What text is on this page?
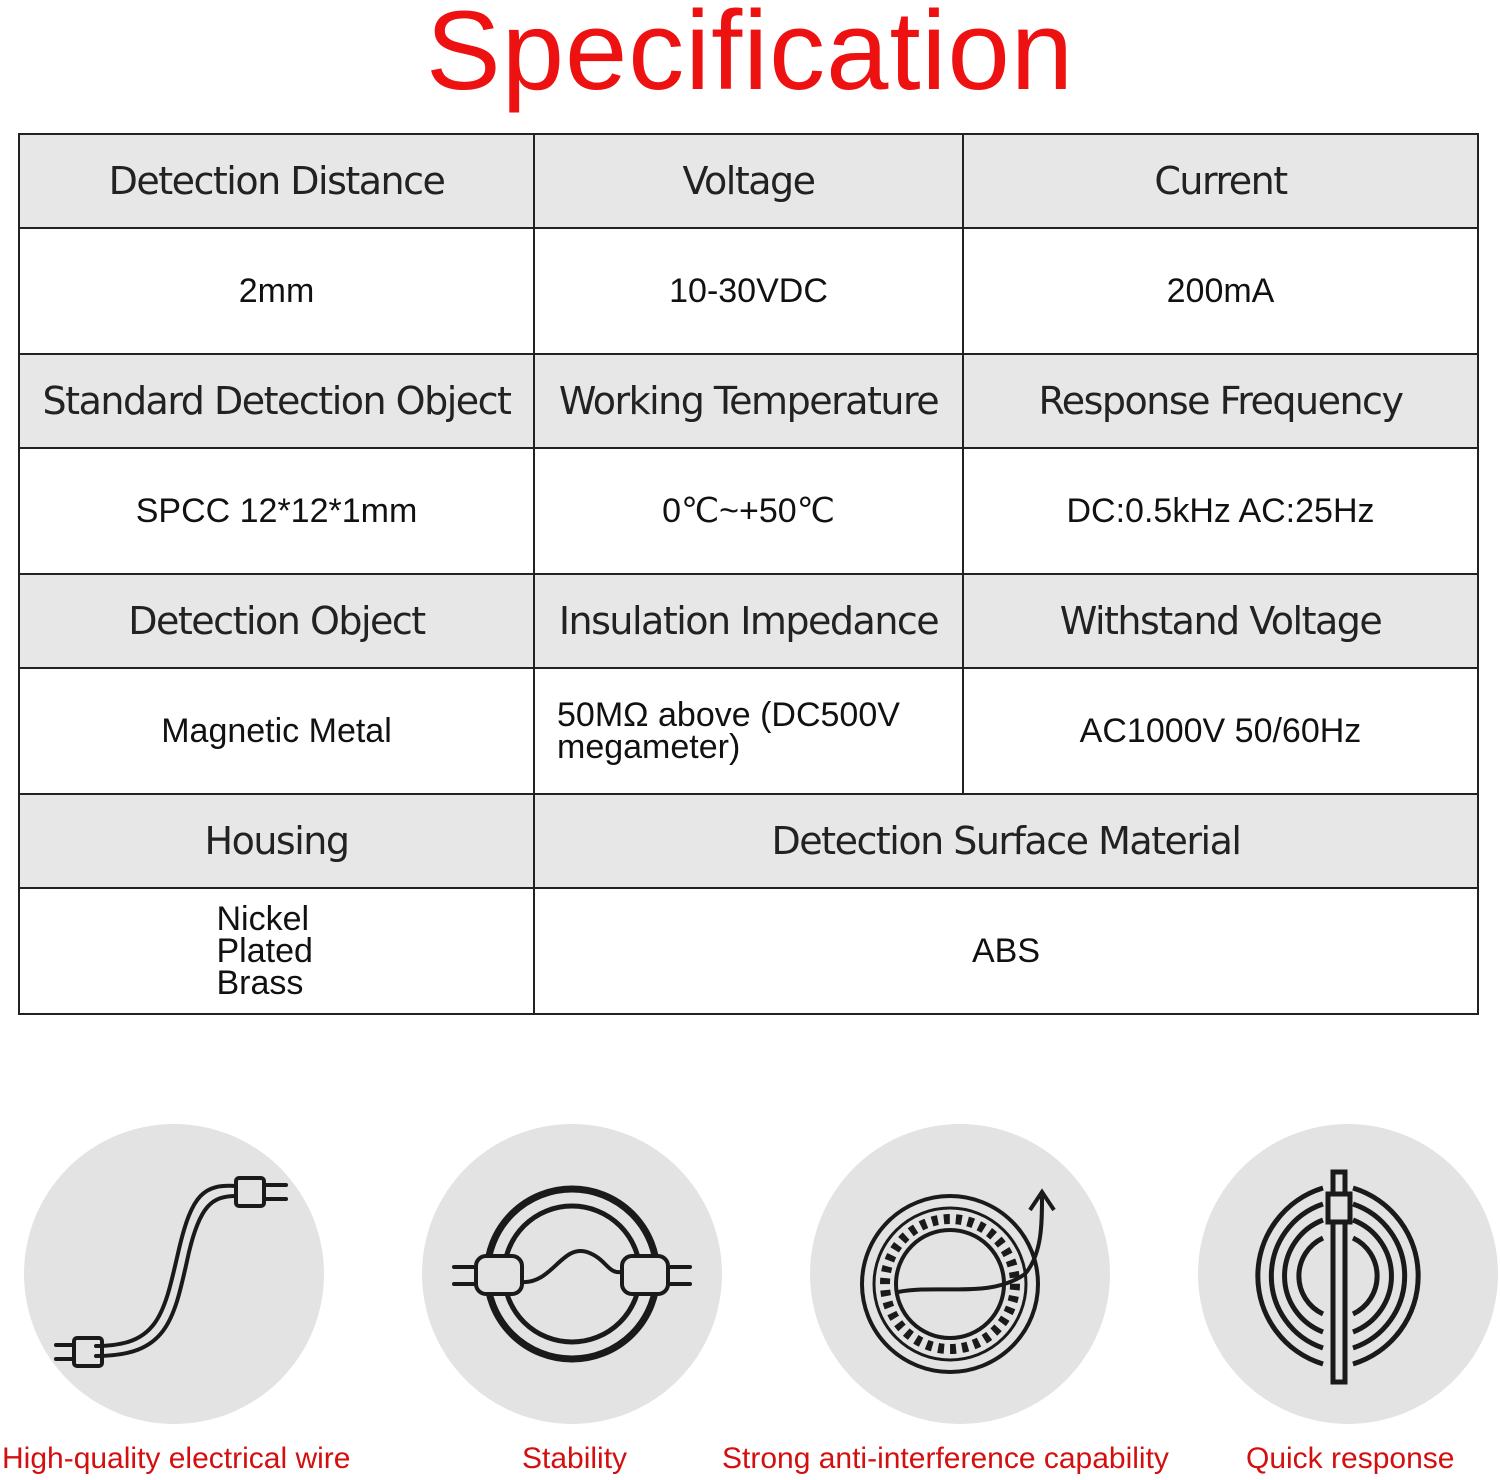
Specification
Detection Distance	Voltage	Current
2mm	10-30VDC	200mA
Standard Detection Object	Working Temperature	Response Frequency
SPCC 12*12*1mm	0℃~+50℃	DC:0.5kHz AC:25Hz
Detection Object	Insulation Impedance	Withstand Voltage
Magnetic Metal	50MΩ above (DC500V megameter)	AC1000V 50/60Hz
Housing	Detection Surface Material	
Nickel Plated Brass	ABS	
High-quality electrical wire	Stability	Strong anti-interference capability	Quick response
